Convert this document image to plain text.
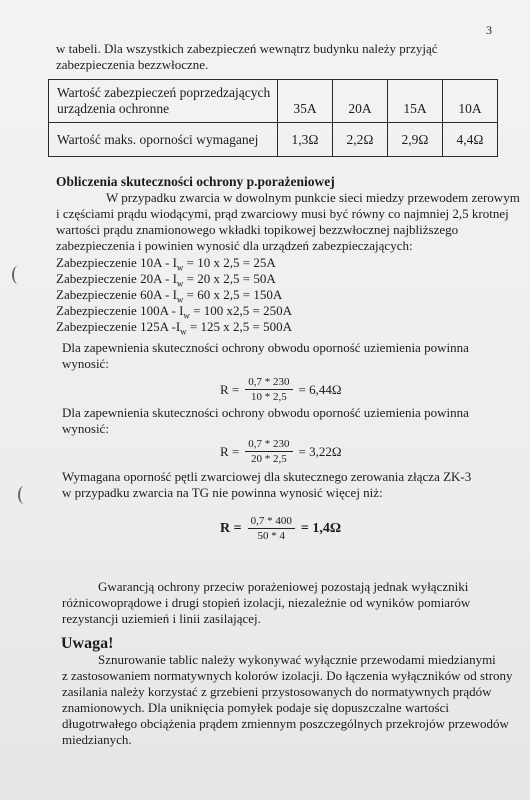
3
w tabeli. Dla wszystkich zabezpieczeń wewnątrz budynku należy przyjąć
zabezpieczenia bezzwłoczne.
Wartość zabezpieczeń poprzedzających
urządzenia ochronne	35A	20A	15A	10A
Wartość maks. oporności wymaganej	1,3Ω	2,2Ω	2,9Ω	4,4Ω
Obliczenia skuteczności ochrony p.porażeniowej
W przypadku zwarcia w dowolnym punkcie sieci miedzy przewodem zerowym
i częściami prądu wiodącymi, prąd zwarciowy musi być równy co najmniej 2,5 krotnej
wartości prądu znamionowego wkładki topikowej bezzwłocznej najbliższego
zabezpieczenia i powinien wynosić dla urządzeń zabezpieczających:
Zabezpieczenie $10A - I_w = 10$ x 2,5 = 25A
Zabezpieczenie $20A - I_w = 20$ x 2,5 = 50A
Zabezpieczenie $60A - I_w = 60$ x 2,5 = 150A
Zabezpieczenie $100A - I_w = 100$ x2,5 = 250A
Zabezpieczenie 125A $-I_w = 125$ x 2,5 = 500A
Dla zapewnienia skuteczności ochrony obwodu oporność uziemienia powinna
wynosić:
$R = \frac{0,7 * 230}{10 * 2,5} = 6,44\Omega$
Dla zapewnienia skuteczności ochrony obwodu oporność uziemienia powinna
wynosić:
$R = \frac{0,7 * 230}{20 * 2,5} = 3,22\Omega$
Wymagana oporność pętli zwarciowej dla skutecznego zerowania złącza ZK-3
w przypadku zwarcia na TG nie powinna wynosić więcej niż:
$R = \frac{0,7 * 400}{50 * 4} = 1,4\Omega$
Gwarancją ochrony przeciw porażeniowej pozostają jednak wyłączniki
różnicowoprądowe i drugi stopień izolacji, niezależnie od wyników pomiarów
rezystancji uziemień i linii zasilającej.
Uwaga!
Sznurowanie tablic należy wykonywać wyłącznie przewodami miedzianymi
z zastosowaniem normatywnych kolorów izolacji. Do łączenia wyłączników od strony
zasilania należy korzystać z grzebieni przystosowanych do normatywnych prądów
znamionowych. Dla uniknięcia pomyłek podaje się dopuszczalne wartości
długotrwałego obciążenia prądem zmiennym poszczególnych przekrojów przewodów
miedzianych.
